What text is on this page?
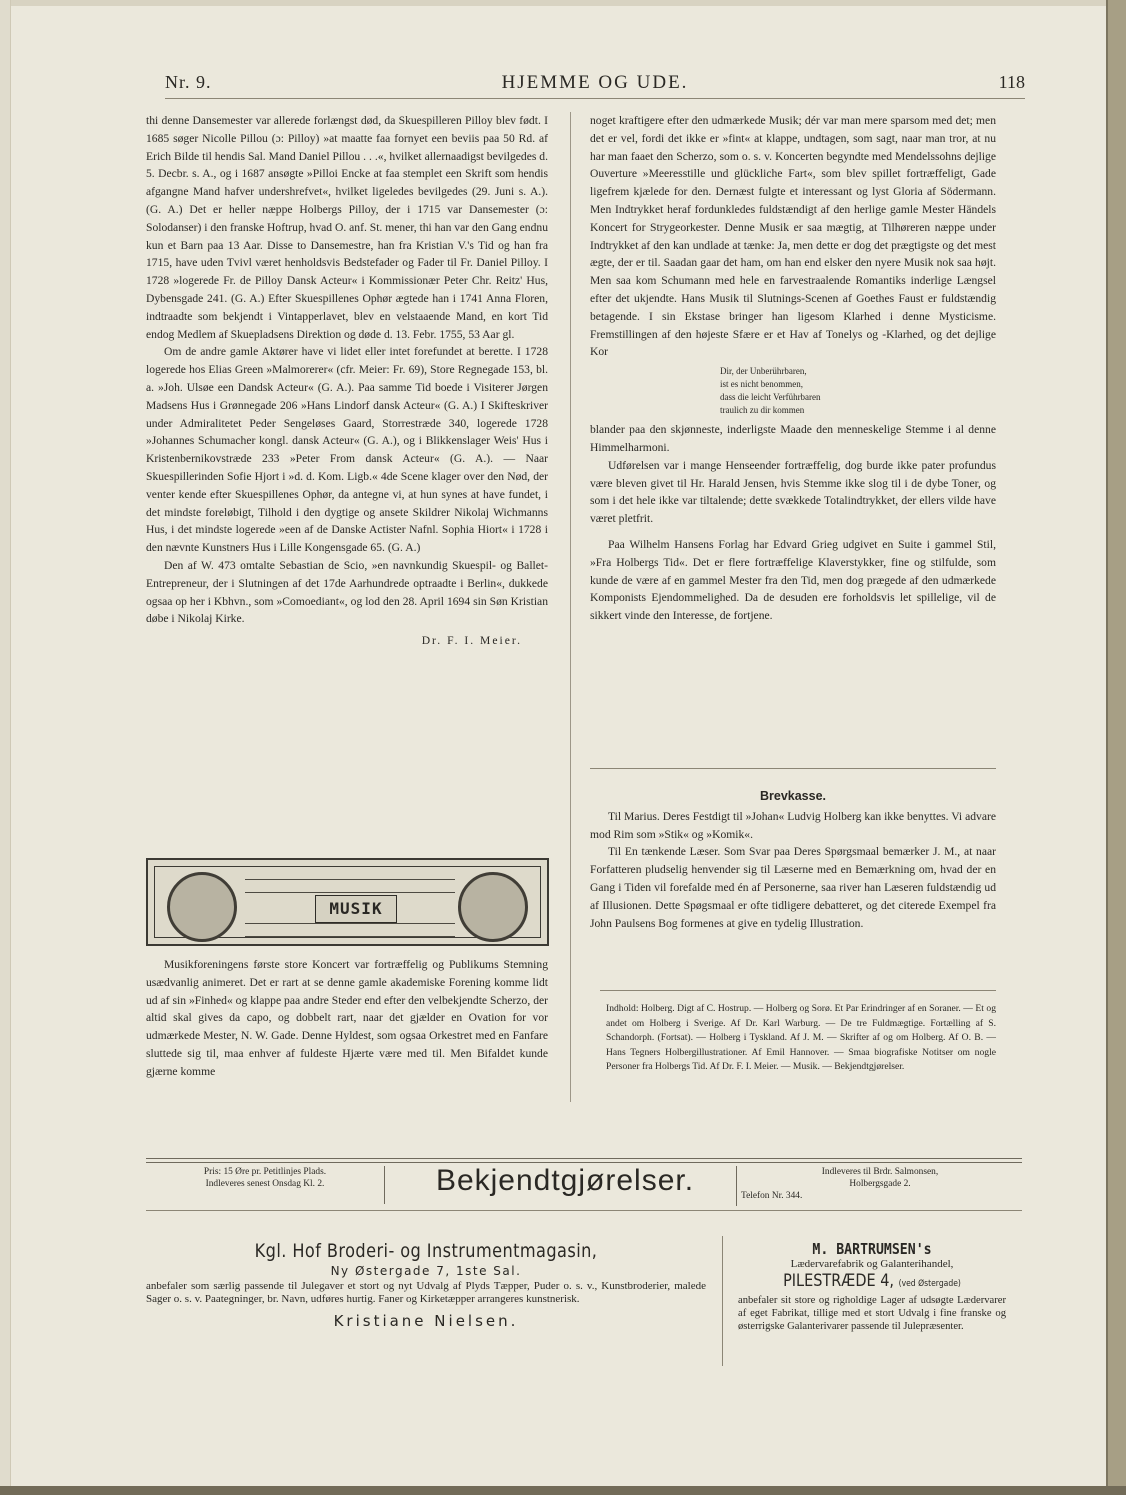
HJEMME OG UDE.
Nr. 9.	118

thi denne Dansemester var allerede forlængst død, da Skuespilleren Pilloy blev født. I 1685 søger Nicolle Pillou (ɔ: Pilloy) »at maatte faa fornyet een beviis paa 50 Rd. af Erich Bilde til hendis Sal. Mand Daniel Pillou . . .«, hvilket allernaadigst bevilgedes d. 5. Decbr. s. A., og i 1687 ansøgte »Pilloi Encke at faa stemplet een Skrift som hendis afgangne Mand hafver undershrefvet«, hvilket ligeledes bevilgedes (29. Juni s. A.). (G. A.) Det er heller næppe Holbergs Pilloy, der i 1715 var Dansemester (ɔ: Solodanser) i den franske Hoftrup, hvad O. anf. St. mener, thi han var den Gang endnu kun et Barn paa 13 Aar. Disse to Dansemestre, han fra Kristian V.'s Tid og han fra 1715, have uden Tvivl været henholdsvis Bedstefader og Fader til Fr. Daniel Pilloy. I 1728 »logerede Fr. de Pilloy Dansk Acteur« i Kommissionær Peter Chr. Reitz' Hus, Dybensgade 241. (G. A.) Efter Skuespillenes Ophør ægtede han i 1741 Anna Floren, indtraadte som bekjendt i Vintapperlavet, blev en velstaaende Mand, en kort Tid endog Medlem af Skuepladsens Direktion og døde d. 13. Febr. 1755, 53 Aar gl.

Om de andre gamle Aktører have vi lidet eller intet forefundet at berette. I 1728 logerede hos Elias Green »Malmorerer« (cfr. Meier: Fr. 69), Store Regnegade 153, bl. a. »Joh. Ulsøe een Dandsk Acteur« (G. A.). Paa samme Tid boede i Visiterer Jørgen Madsens Hus i Grønnegade 206 »Hans Lindorf dansk Acteur« (G. A.) I Skifteskriver under Admiralitetet Peder Sengeløses Gaard, Storrestræde 340, logerede 1728 »Johannes Schumacher kongl. dansk Acteur« (G. A.), og i Blikkenslager Weis' Hus i Kristenbernikovstræde 233 »Peter From dansk Acteur« (G. A.). — Naar Skuespillerinden Sofie Hjort i »d. d. Kom. Ligb.« 4de Scene klager over den Nød, der venter kende efter Skuespillenes Ophør, da antegne vi, at hun synes at have fundet, i det mindste foreløbigt, Tilhold i den dygtige og ansete Skildrer Nikolaj Wichmanns Hus, i det mindste logerede »een af de Danske Actister Nafnl. Sophia Hiort« i 1728 i den nævnte Kunstners Hus i Lille Kongensgade 65. (G. A.)

Den af W. 473 omtalte Sebastian de Scio, »en navnkundig Skuespil- og Ballet-Entrepreneur, der i Slutningen af det 17de Aarhundrede optraadte i Berlin«, dukkede ogsaa op her i Kbhvn., som »Comoediant«, og lod den 28. April 1694 sin Søn Kristian døbe i Nikolaj Kirke.

Dr. F. I. Meier.
MUSIK

Musikforeningens første store Koncert var fortræffelig og Publikums Stemning usædvanlig animeret. Det er rart at se denne gamle akademiske Forening komme lidt ud af sin »Finhed« og klappe paa andre Steder end efter den velbekjendte Scherzo, der altid skal gives da capo, og dobbelt rart, naar det gjælder en Ovation for vor udmærkede Mester, N. W. Gade. Denne Hyldest, som ogsaa Orkestret med en Fanfare sluttede sig til, maa enhver af fuldeste Hjærte være med til. Men Bifaldet kunde gjærne komme

noget kraftigere efter den udmærkede Musik; dér var man mere sparsom med det; men det er vel, fordi det ikke er »fint« at klappe, undtagen, som sagt, naar man tror, at nu har man faaet den Scherzo, som o. s. v. Koncerten begyndte med Mendelssohns dejlige Ouverture »Meeresstille und glückliche Fart«, som blev spillet fortræffeligt, Gade ligefrem kjælede for den. Dernæst fulgte et interessant og lyst Gloria af Södermann. Men Indtrykket heraf fordunkledes fuldstændigt af den herlige gamle Mester Händels Koncert for Strygeorkester. Denne Musik er saa mægtig, at Tilhøreren næppe under Indtrykket af den kan undlade at tænke: Ja, men dette er dog det prægtigste og det mest ægte, der er til. Saadan gaar det ham, om han end elsker den nyere Musik nok saa højt. Men saa kom Schumann med hele en farvestraalende Romantiks inderlige Længsel efter det ukjendte. Hans Musik til Slutnings-Scenen af Goethes Faust er fuldstændig betagende. I sin Ekstase bringer han ligesom Klarhed i denne Mysticisme. Fremstillingen af den højeste Sfære er et Hav af Tonelys og -Klarhed, og det dejlige Kor

Dir, der Unberührbaren,
ist es nicht benommen,
dass die leicht Verführbaren
traulich zu dir kommen

blander paa den skjønneste, inderligste Maade den menneskelige Stemme i al denne Himmelharmoni.

Udførelsen var i mange Henseender fortræffelig, dog burde ikke pater profundus være bleven givet til Hr. Harald Jensen, hvis Stemme ikke slog til i de dybe Toner, og som i det hele ikke var tiltalende; dette svækkede Totalindtrykket, der ellers vilde have været pletfrit.

Paa Wilhelm Hansens Forlag har Edvard Grieg udgivet en Suite i gammel Stil, »Fra Holbergs Tid«. Det er flere fortræffelige Klaverstykker, fine og stilfulde, som kunde de være af en gammel Mester fra den Tid, men dog prægede af den udmærkede Komponists Ejendommelighed. Da de desuden ere forholdsvis let spillelige, vil de sikkert vinde den Interesse, de fortjene.

Brevkasse.

Til Marius. Deres Festdigt til »Johan« Ludvig Holberg kan ikke benyttes. Vi advare mod Rim som »Stik« og »Komik«.

Til En tænkende Læser. Som Svar paa Deres Spørgsmaal bemærker J. M., at naar Forfatteren pludselig henvender sig til Læserne med en Bemærkning om, hvad der en Gang i Tiden vil forefalde med én af Personerne, saa river han Læseren fuldstændig ud af Illusionen. Dette Spøgsmaal er ofte tidligere debatteret, og det citerede Exempel fra John Paulsens Bog formenes at give en tydelig Illustration.

Indhold: Holberg. Digt af C. Hostrup. — Holberg og Sorø. Et Par Erindringer af en Soraner. — Et og andet om Holberg i Sverige. Af Dr. Karl Warburg. — De tre Fuldmægtige. Fortælling af S. Schandorph. (Fortsat). — Holberg i Tyskland. Af J. M. — Skrifter af og om Holberg. Af O. B. — Hans Tegners Holbergillustrationer. Af Emil Hannover. — Smaa biografiske Notitser om nogle Personer fra Holbergs Tid. Af Dr. F. I. Meier. — Musik. — Bekjendtgjørelser.
Pris: 15 Øre pr. Petitlinjes Plads.
Indleveres senest Onsdag Kl. 2.	Bekjendtgjørelser.	Indleveres til Brdr. Salmonsen,
Holbergsgade 2.
Telefon Nr. 344.
Kgl. Hof Broderi- og Instrumentmagasin,
Ny Østergade 7, 1ste Sal.
anbefaler som særlig passende til Julegaver et stort og nyt Udvalg af Plyds Tæpper, Puder o. s. v., Kunstbroderier, malede Sager o. s. v. Paategninger, br. Navn, udføres hurtig. Faner og Kirketæpper arrangeres kunstnerisk.
Kristiane Nielsen.
M. BARTRUMSEN's
Lædervarefabrik og Galanterihandel,
PILESTRÆDE 4, (ved Østergade)
anbefaler sit store og righoldige Lager af udsøgte Lædervarer af eget Fabrikat, tillige med et stort Udvalg i fine franske og østerrigske Galanterivarer passende til Julepræsenter.
